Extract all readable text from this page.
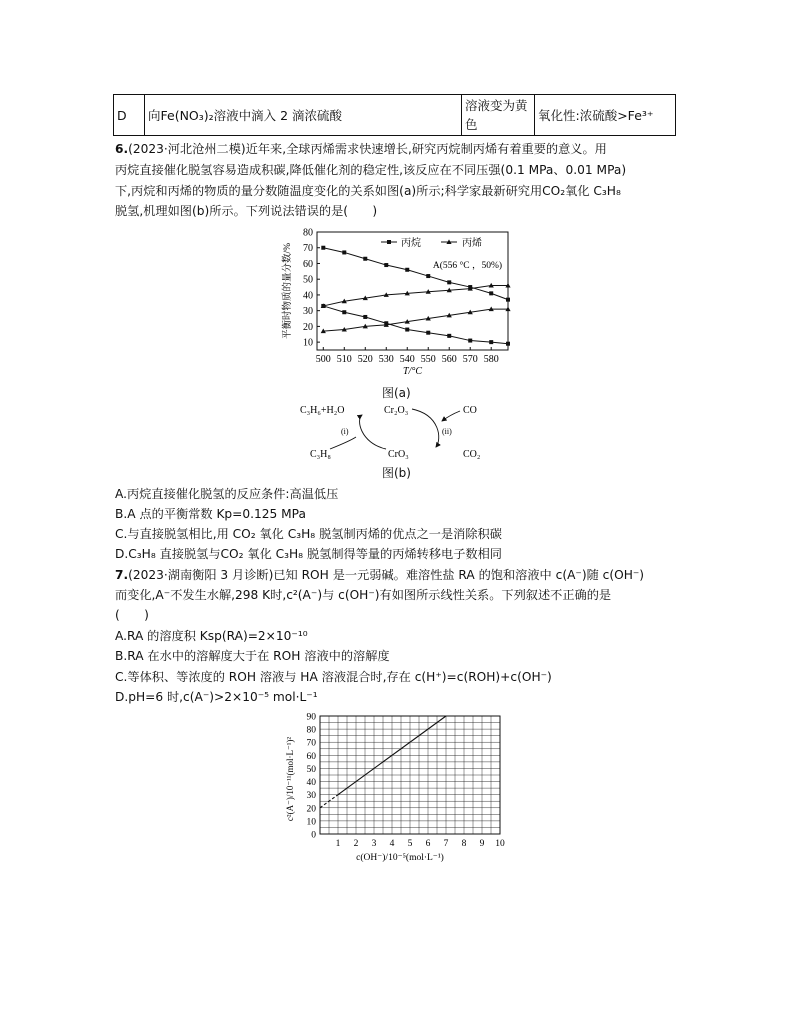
D	向Fe(NO₃)₂溶液中滴入 2 滴浓硫酸	溶液变为黄色	氧化性:浓硫酸>Fe³⁺
6.(2023·河北沧州二模)近年来,全球丙烯需求快速增长,研究丙烷制丙烯有着重要的意义。用
丙烷直接催化脱氢容易造成积碳,降低催化剂的稳定性,该反应在不同压强(0.1 MPa、0.01 MPa)
下,丙烷和丙烯的物质的量分数随温度变化的关系如图(a)所示;科学家最新研究用CO₂氧化 C₃H₈
脱氢,机理如图(b)所示。下列说法错误的是(　　)
10
20
30
40
50
60
70
80
500 510 520 530 540 550 560 570 580
T/°C
平衡时物质的量分数/%	丙烷	丙烯
A(556 °C ，50%)
图(a)
C₃H₆+H₂O	Cr₂O₃	CO
C₃H₈	CrO₃	CO₂
(i)	(ii)
图(b)
A.丙烷直接催化脱氢的反应条件:高温低压
B.A 点的平衡常数 Kp=0.125 MPa
C.与直接脱氢相比,用 CO₂ 氧化 C₃H₈ 脱氢制丙烯的优点之一是消除积碳
D.C₃H₈ 直接脱氢与CO₂ 氧化 C₃H₈ 脱氢制得等量的丙烯转移电子数相同
7.(2023·湖南衡阳 3 月诊断)已知 ROH 是一元弱碱。难溶性盐 RA 的饱和溶液中 c(A⁻)随 c(OH⁻)
而变化,A⁻不发生水解,298 K时,c²(A⁻)与 c(OH⁻)有如图所示线性关系。下列叙述不正确的是
(　　)
A.RA 的溶度积 Ksp(RA)=2×10⁻¹⁰
B.RA 在水中的溶解度大于在 ROH 溶液中的溶解度
C.等体积、等浓度的 ROH 溶液与 HA 溶液混合时,存在 c(H⁺)=c(ROH)+c(OH⁻)
D.pH=6 时,c(A⁻)>2×10⁻⁵ mol·L⁻¹
0
10
20
30
40
50
60
70
80
90
1 2 3 4 5 6 7 8 9 10
c(OH⁻)/10⁻⁵(mol·L⁻¹)
c²(A⁻)/10⁻¹¹(mol·L⁻¹)²
